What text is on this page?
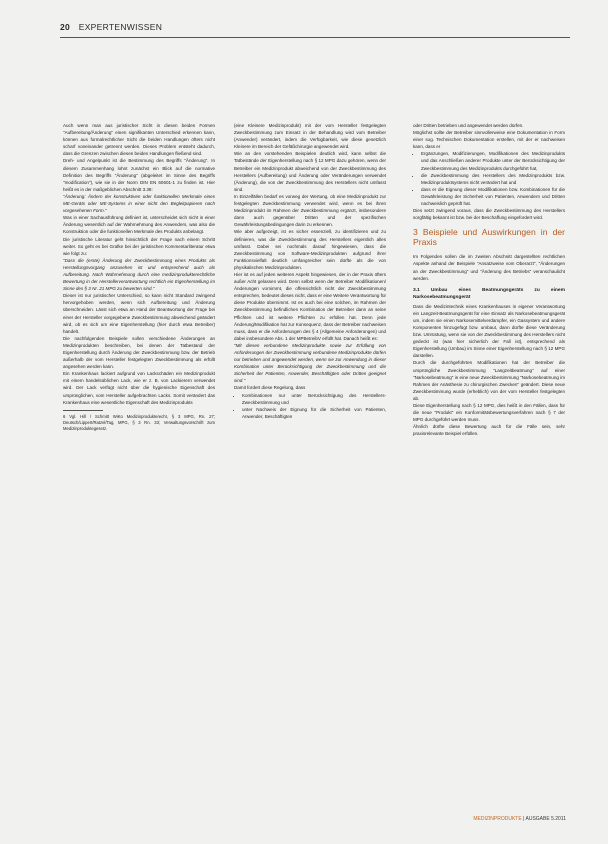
20 EXPERTENWISSEN

Auch wenn man aus juristischer Sicht in diesen beiden Formen "Aufbereitung/Änderung" einen signifikanten Unterschied erkennen kann, können aus formalrechtlicher Sicht die beiden Handlungen öfters nicht scharf voneinander getrennt werden. Dieses Problem entsteht dadurch, dass die Grenzen zwischen diesen beiden Handlungen fließend sind.

Dreh- und Angelpunkt ist die Bestimmung des Begriffs "Änderung". In diesem Zusammenhang lohnt zunächst ein Blick auf die normative Definition des Begriffs "Änderung" (abgeleitet im Sinne des Begriffs "modification"), wie sie in der Norm DIN EN 60601-1 zu finden ist. Hier heißt es in der maßgeblichen Abschnitt 3.38:

"Änderung: Ändern der konstruktiven oder funktionellen Merkmale eines ME-Geräts oder ME-Systems in einer nicht den Begleitpapieren nach vorgesehenen Form."

Was in einer Sachausführung definiert ist, unterscheidet sich nicht in einer Änderung wesentlich auf der Wahrnehmung des Anwenders, was also die Konstruktion oder die funktionellen Merkmale des Produkts anbelangt.

Die juristische Literatur geht hinsichtlich der Frage nach einem Schritt weiter. So geht es bei Grafke bei der juristischen Kommentarliteratur etwa wie folgt zu:

"Dass die (erste) Änderung der Zweckbestimmung eines Produkts als Herstellungsvorgang anzusehen ist und entsprechend auch als Aufbereitung. Nach Wahrnehmung durch eine medizinprodukterechtliche Bewertung in der Herstellerverantwortung rechtlich ein Eigenherstellung im Sinne des § 3 Nr. 21 MPG zu bewerten sind."

Dieser ist nur juristischer Unterschied, so kann nicht Standard zwingend hervorgehoben werden, wenn sich Aufbereitung und Änderung überschneiden. Lässt sich etwa an Hand der Beantwortung der Frage bei einer der Hersteller vorgegebene Zweckbestimmung abweichend geändert wird, ob es sich um eine Eigenherstellung (hier durch etwa Betreiber) handelt.

Die nachfolgenden Beispiele sollen verschiedene Änderungen an Medizinprodukten beschreiben, bei denen der Tatbestand der Eigenherstellung durch Änderung der Zweckbestimmung bzw. der Betrieb außerhalb der vom Hersteller festgelegten Zweckbestimmung als erfüllt angesehen werden kann.

Ein Krankenhaus lackiert aufgrund von Lackschäden ein Medizinprodukt mit einem handelsüblichen Lack, wie er z. B. von Lackierern verwendet wird. Der Lack verfügt nicht über die hygienische Eigenschaft des ursprünglichen, vom Hersteller aufgebrachten Lacks. Somit verändert das Krankenhaus eine wesentliche Eigenschaft des Medizinprodukts

6 Vgl. Hill / Schmitt WiKo Medizinprodukterecht, § 3 MPG, Rn. 27; Deutsch/Lippert/Ratzel/Tag, MPG, § 3 Rn. 33; Verwaltungsvorschrift zum Medizinproduktegesetz.

(eine Kleinere Medizinprodukt) mit der vom Hersteller festgelegten Zweckbestimmung zum Einsatz in der Behandlung wird vom Betreiber (Anwender) verändert, indem die Verfügbarkeit, wie diese gesetzlich Kleinere im Bereich der Gefäßchirurgie angewendet wird.

Wie an den vorstehenden Beispielen deutlich wird, kann selbst die Tatbestände der Eigenherstellung nach § 12 MPG dazu gehören, wenn der Betreiber ein Medizinprodukt abweichend von der Zweckbestimmung des Herstellers (Aufbereitung) und Änderung oder Veränderungen verwendet (Änderung), die von der Zweckbestimmung des Herstellers nicht umfasst sind.

In Einzelfällen bedarf es vorweg der Wertung, ob eine Medizinprodukt zur festgelegten Zweckbestimmung verwendet wird, wenn es bei ihren Medizinprodukt im Rahmen der Zweckbestimmung ergänzt, insbesondere dann auch gegenüber Dritten und der spezifischen Gewährleistungsbedingungen darin zu erkennen.

Wie aber aufgezeigt, ist es sicher essenziell, zu identifizieren und zu definieren, was die Zweckbestimmung des Herstellers eigentlich alles umfasst. Dabei sei nochmals darauf hingewiesen, dass die Zweckbestimmung von Software-Medizinprodukten aufgrund ihrer Funktionsvielfalt deutlich umfangreicher sein dürfte als die von physikalischen Medizinprodukten.

Hier ist es auf jeden weiteren Aspekt hingewiesen, der in der Praxis öfters außer Acht gelassen wird. Denn selbst wenn der Betreiber Modifikationen/Änderungen vornimmt, die offensichtlich nicht der Zweckbestimmung entsprechen, bedeutet dieses nicht, dass er eine Weitere Verantwortung für diese Produkte übernimmt. Ist es auch bei eine solchen, im Rahmen der Zweckbestimmung befindlichen Kombination der Betreiber dann an seine Pflichten und ist weitere Pflichten zu erfüllen hat. Denn jede Änderung/Modifikation hat zur Konsequenz, dass der Betreiber nachweisen muss, dass er die Anforderungen des § 4 (Allgemeine Anforderungen) und dabei insbesondere Abs. 1 der MPBetreibV erfüllt hat. Danach heißt es:

"Mit diesen verbundene Medizinprodukte sowie zur Erfüllung von Anforderungen der Zweckbestimmung verbundene Medizinprodukte dürfen nur betrieben und angewendet werden, wenn sie zur Anwendung in dieser Kombination unter Berücksichtigung der Zweckbestimmung und die Sicherheit der Patienten, Anwender, Beschäftigten oder Dritten geeignet sind."

Damit fordert diese Regelung, dass

• Kombinationen nur unter Berücksichtigung des Herstellers-Zweckbestimmung und
• unter Nachweis der Eignung für die Sicherheit von Patienten, Anwender, Beschäftigten

oder Dritten betrieben und angewendet werden dürfen.

Möglichst sollte der Betreiber sinnvollerweise eine Dokumentation in Form einer sog. Technischen Dokumentation erstellen, mit der er nachweisen kann, dass er

• Ergänzungen, Modifizierungen, Modifikationen des Medizinprodukts und das Anschließen anderer Produkte unter der Berücksichtigung der Zweckbestimmung des Medizinprodukts durchgeführt hat,
• die Zweckbestimmung des Herstellers des Medizinprodukts bzw. Medizinproduktsystems nicht verändert hat und
• dass er die Eignung dieser Modifikationen bzw. Kombinationen für die Gewährleistung der Sicherheit von Patienten, Anwendern und Dritten nachweislich geprüft hat.

Dies setzt zwingend voraus, dass die Zweckbestimmung des Herstellers sorgfältig bekannt ist bzw. bei der Beschaffung eingefordert wird.

3 Beispiele und Auswirkungen in der Praxis

Im Folgenden sollen die im zweiten Abschnitt dargestellten rechtlichen Aspekte anhand der Beispiele "Ansatzweise vom Oberarzt", "Änderungen an der Zweckbestimmung" und "Änderung des Betriebs" veranschaulicht werden.

3.1 Umbau eines Beatmungsgeräts zu einem Narkosebeatmungsgerät

Dass die Medizintechnik eines Krankenhauses in eigener Verantwortung ein Langzeit-Beatmungsgerät für eine Einsatz als Narkosebeatmungsgerät um, indem sie einen Narkosemittelverdampfer, ein Gassystem und andere Komponenten hinzugefügt bzw. umbaut, dann dürfte diese Veränderung bzw. Umrüstung, wenn sie von der Zweckbestimmung des Herstellers nicht gedeckt ist (was hier sicherlich der Fall ist), entsprechend als Eigenherstellung (Umbau) im Sinne einer Eigenherstellung nach § 12 MPG darstellen.

Durch die durchgeführten Modifikationen hat der Betreiber die ursprüngliche Zweckbestimmung "Langzeitbeatmung" auf einer "Narkosebeatmung" in eine neue Zweckbestimmung "Narkosebeatmung im Rahmen der Anästhesie zu chirurgischen Zwecken" geändert. Diese neue Zweckbestimmung wurde (erheblich) von der vom Hersteller festgelegten ab.

Diese Eigenherstellung nach § 12 MPG, dies heißt in den Fällen, dass für die neue "Produkt" ein Konformitätsbewertungsverfahren nach § 7 der MPG durchgeführt werden muss.

Ähnlich dürfte diese Bewertung auch für die Fälle sein, sehr praxisrelevante Beispiel erfüllen.

MEDIZINPRODUKTE | AUSGABE 5.2011
